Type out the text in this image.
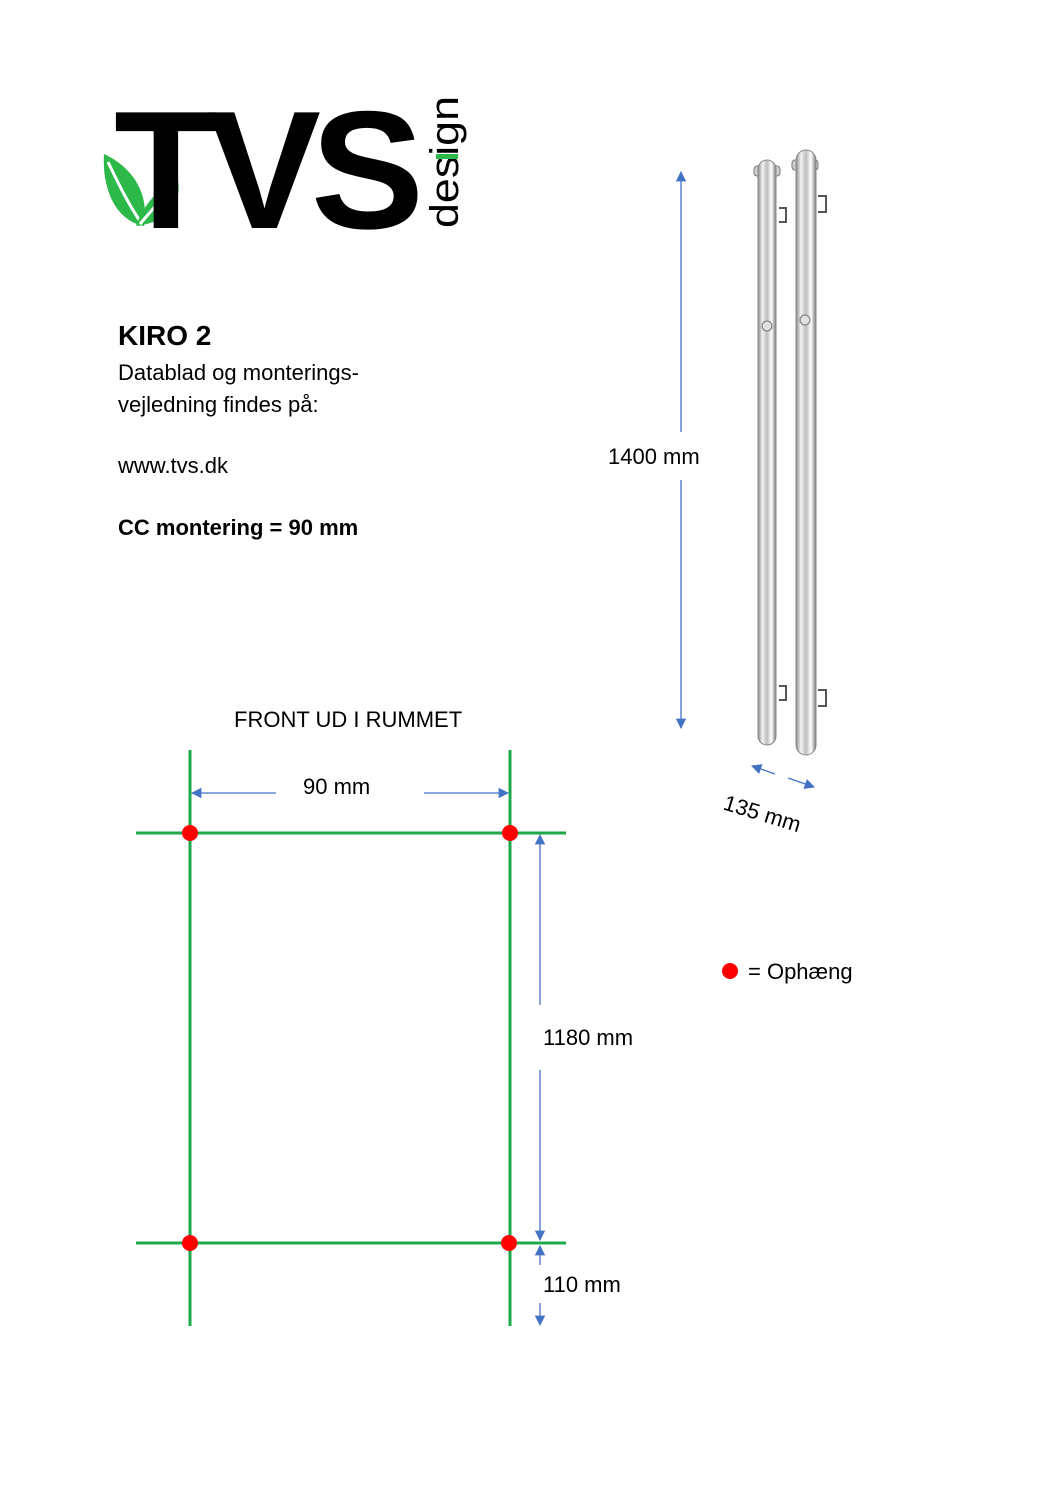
TVS design
KIRO 2
Datablad og monterings-
vejledning findes på:
www.tvs.dk
CC montering = 90 mm
1400 mm
135 mm
FRONT UD I RUMMET
90 mm
1180 mm
110 mm
= Ophæng
